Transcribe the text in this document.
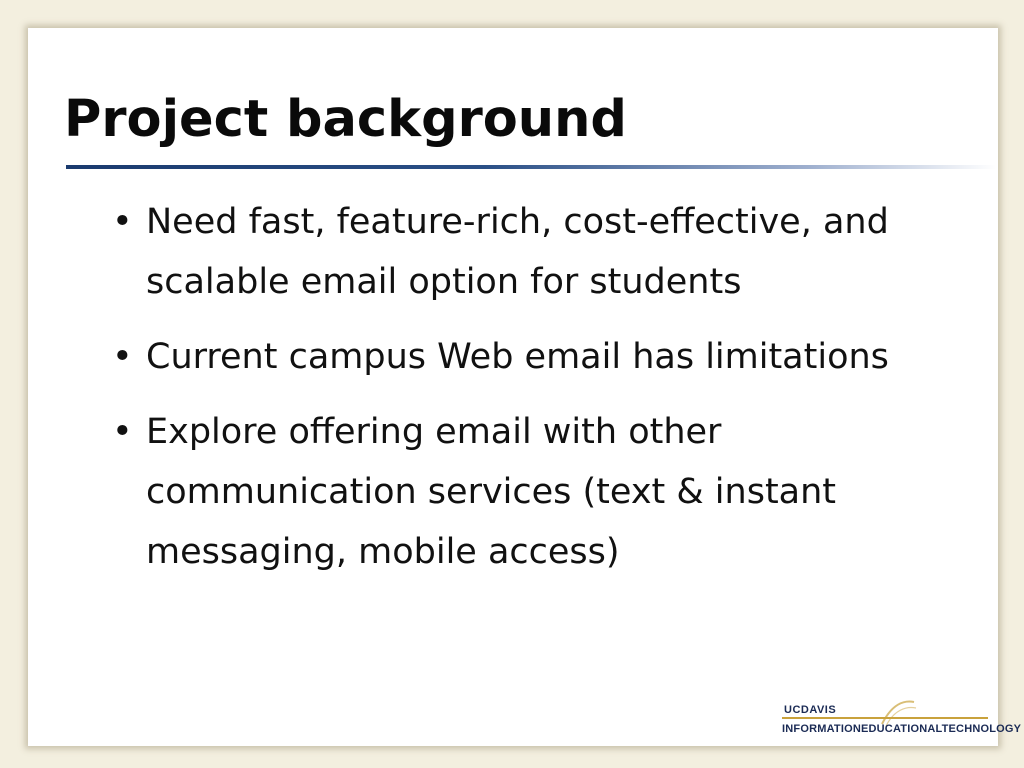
Project background
• Need fast, feature-rich, cost-effective, and scalable email option for students
• Current campus Web email has limitations
• Explore offering email with other communication services (text & instant messaging, mobile access)
UCDAVIS
INFORMATIONEDUCATIONALTECHNOLOGY
